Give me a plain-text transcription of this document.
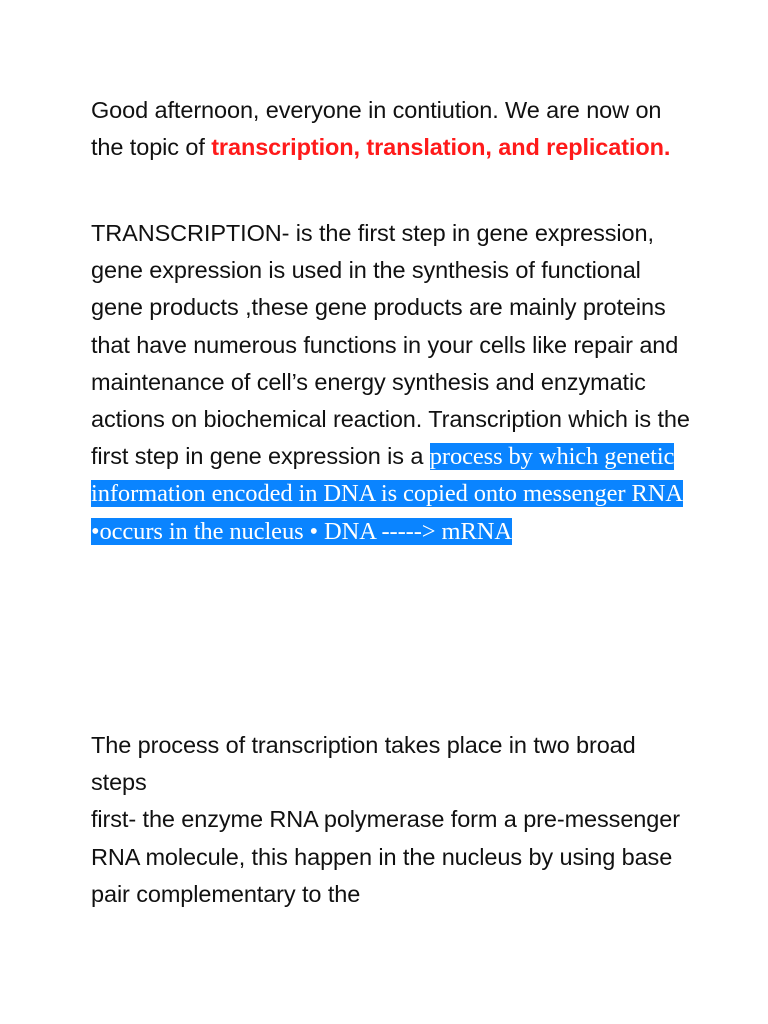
Good afternoon, everyone in contiution. We are now on the topic of transcription, translation, and replication.

TRANSCRIPTION- is the first step in gene expression, gene expression is used in the synthesis of functional gene products ,these gene products are mainly proteins that have numerous functions in your cells like repair and maintenance of cell’s energy synthesis and enzymatic actions on biochemical reaction. Transcription which is the first step in gene expression is a process by which genetic information encoded in DNA is copied onto messenger RNA •occurs in the nucleus • DNA -----> mRNA

The process of transcription takes place in two broad steps
first- the enzyme RNA polymerase form a pre-messenger RNA molecule, this happen in the nucleus by using base pair complementary to the
